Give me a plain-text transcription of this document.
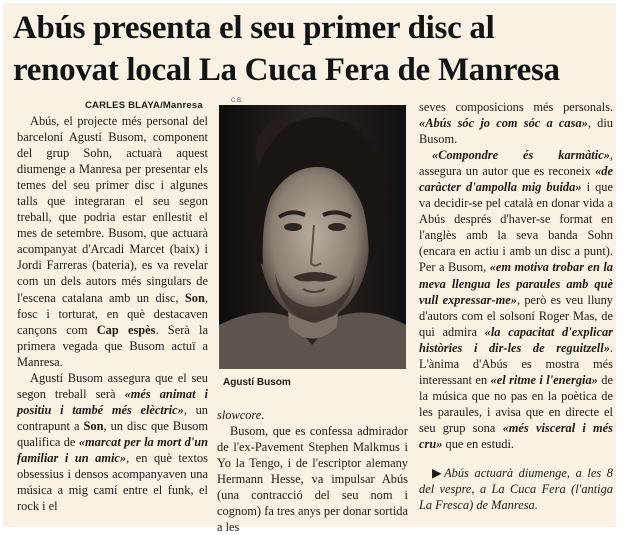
Abús presenta el seu primer disc al
renovat local La Cuca Fera de Manresa
CARLES BLAYA/Manresa

Abús, el projecte més personal del barceloní Agustí Busom, component del grup Sohn, actuarà aquest diumenge a Manresa per presentar els temes del seu primer disc i algunes talls que integraran el seu segon treball, que podria estar enllestit el mes de setembre. Busom, que actuarà acompanyat d'Arcadi Marcet (baix) i Jordi Farreras (bateria), es va revelar com un dels autors més singulars de l'escena catalana amb un disc, Son, fosc i torturat, en què destacaven cançons com Cap espès. Serà la primera vegada que Busom actuï a Manresa.

Agustí Busom assegura que el seu segon treball serà «més animat i positiu i també més elèctric», un contrapunt a Son, un disc que Busom qualifica de «marcat per la mort d'un familiar i un amic», en què textos obsessius i densos acompanyaven una música a mig camí entre el funk, el rock i el

C.B.
Agustí Busom

slowcore.

Busom, que es confessa admirador de l'ex-Pavement Stephen Malkmus i Yo la Tengo, i de l'escriptor alemany Hermann Hesse, va impulsar Abús (una contracció del seu nom i cognom) fa tres anys per donar sortida a les

seves composicions més personals. «Abús sóc jo com sóc a casa», diu Busom.

«Compondre és karmàtic», assegura un autor que es reconeix «de caràcter d'ampolla mig buida» i que va decidir-se pel català en donar vida a Abús després d'haver-se format en l'anglès amb la seva banda Sohn (encara en actiu i amb un disc a punt). Per a Busom, «em motiva trobar en la meva llengua les paraules amb què vull expressar-me», però es veu lluny d'autors com el solsoní Roger Mas, de qui admira «la capacitat d'explicar històries i dir-les de reguitzell». L'ànima d'Abús es mostra més interessant en «el ritme i l'energia» de la música que no pas en la poètica de les paraules, i avisa que en directe el seu grup sona «més visceral i més cru» que en estudi.

▶Abús actuarà diumenge, a les 8 del vespre, a La Cuca Fera (l'antiga La Fresca) de Manresa.
